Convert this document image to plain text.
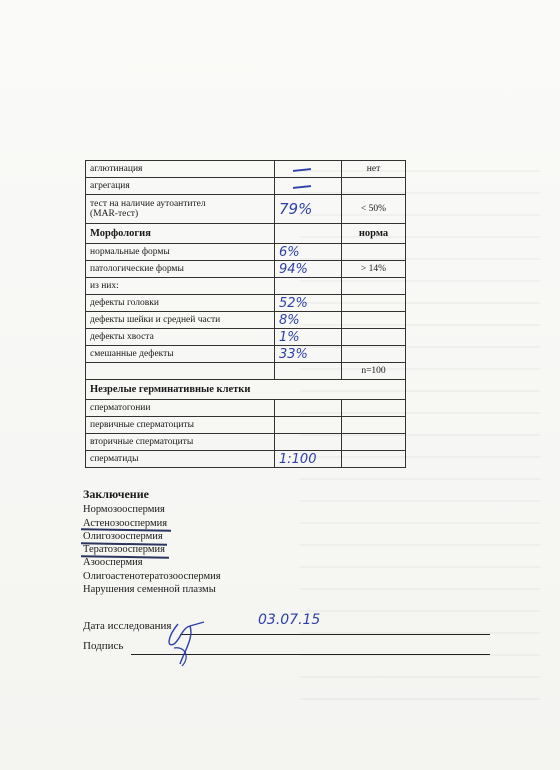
аглютинация		нет
агрегация		
тест на наличие аутоантител
(MAR-тест)	79%	< 50%
Морфология		норма
нормальные формы	6%	
патологические формы	94%	> 14%
из них:		
дефекты головки	52%	
дефекты шейки и средней части	8%	
дефекты хвоста	1%	
смешанные дефекты	33%	
		n=100
Незрелые герминативные клетки		
сперматогонии		
первичные сперматоциты		
вторичные сперматоциты		
сперматиды	1:100	
Заключение
Нормозооспермия
Астенозооспермия
Олигозооспермия
Тератозооспермия
Азооспермия
Олигоастенотератозооспермия
Нарушения семенной плазмы
Дата исследования	03.07.15
Подпись
